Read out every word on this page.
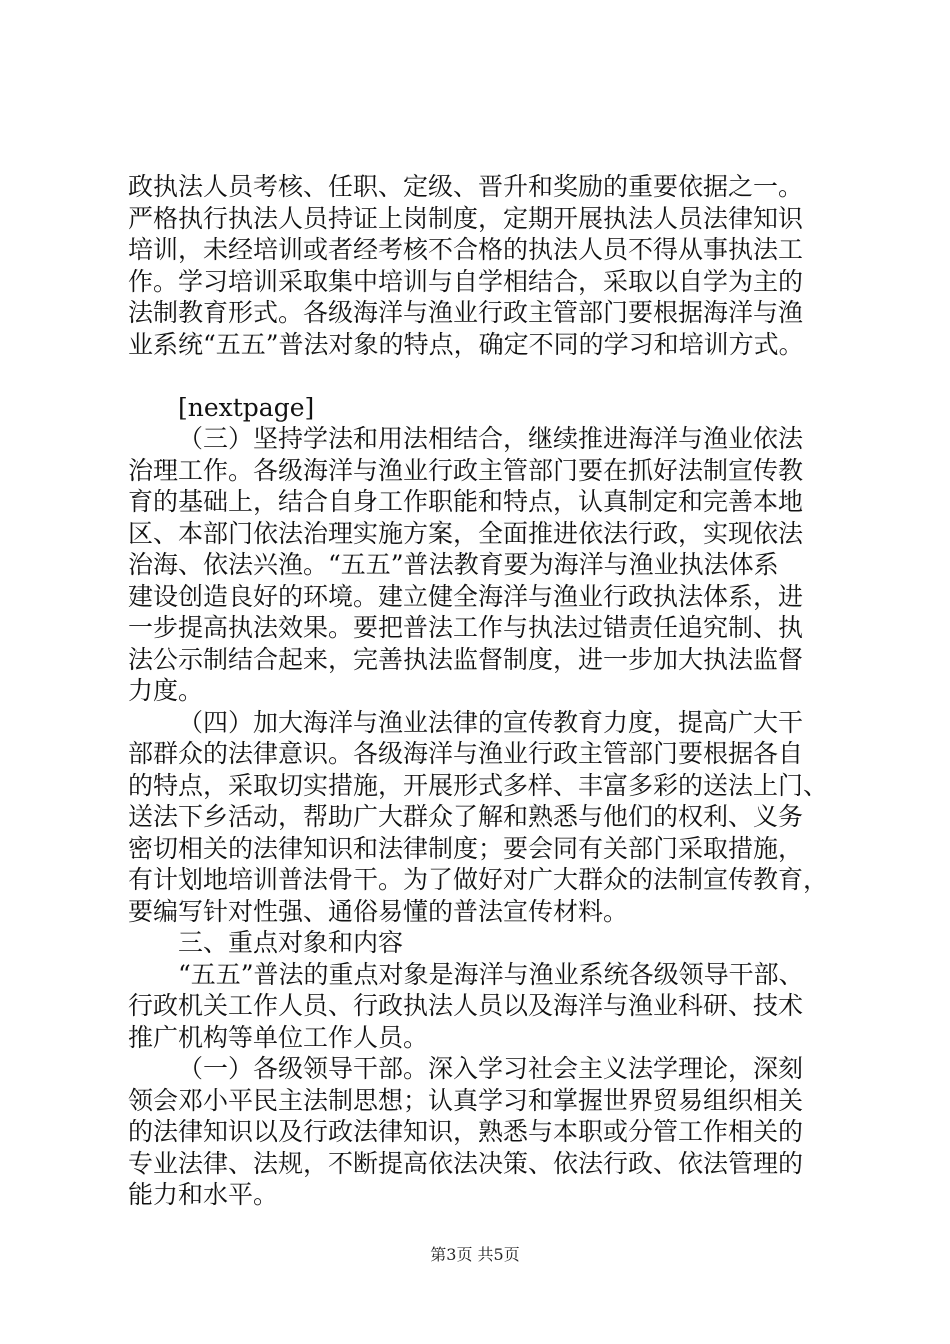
政执法人员考核、任职、定级、晋升和奖励的重要依据之一。
严格执行执法人员持证上岗制度，定期开展执法人员法律知识
培训，未经培训或者经考核不合格的执法人员不得从事执法工
作。学习培训采取集中培训与自学相结合，采取以自学为主的
法制教育形式。各级海洋与渔业行政主管部门要根据海洋与渔
业系统“五五”普法对象的特点，确定不同的学习和培训方式。
[nextpage]
（三）坚持学法和用法相结合，继续推进海洋与渔业依法
治理工作。各级海洋与渔业行政主管部门要在抓好法制宣传教
育的基础上，结合自身工作职能和特点，认真制定和完善本地
区、本部门依法治理实施方案，全面推进依法行政，实现依法
治海、依法兴渔。“五五”普法教育要为海洋与渔业执法体系
建设创造良好的环境。建立健全海洋与渔业行政执法体系，进
一步提高执法效果。要把普法工作与执法过错责任追究制、执
法公示制结合起来，完善执法监督制度，进一步加大执法监督
力度。
（四）加大海洋与渔业法律的宣传教育力度，提高广大干
部群众的法律意识。各级海洋与渔业行政主管部门要根据各自
的特点，采取切实措施，开展形式多样、丰富多彩的送法上门、
送法下乡活动，帮助广大群众了解和熟悉与他们的权利、义务
密切相关的法律知识和法律制度；要会同有关部门采取措施，
有计划地培训普法骨干。为了做好对广大群众的法制宣传教育，
要编写针对性强、通俗易懂的普法宣传材料。
三、重点对象和内容
“五五”普法的重点对象是海洋与渔业系统各级领导干部、
行政机关工作人员、行政执法人员以及海洋与渔业科研、技术
推广机构等单位工作人员。
（一）各级领导干部。深入学习社会主义法学理论，深刻
领会邓小平民主法制思想；认真学习和掌握世界贸易组织相关
的法律知识以及行政法律知识，熟悉与本职或分管工作相关的
专业法律、法规，不断提高依法决策、依法行政、依法管理的
能力和水平。
第3页 共5页
